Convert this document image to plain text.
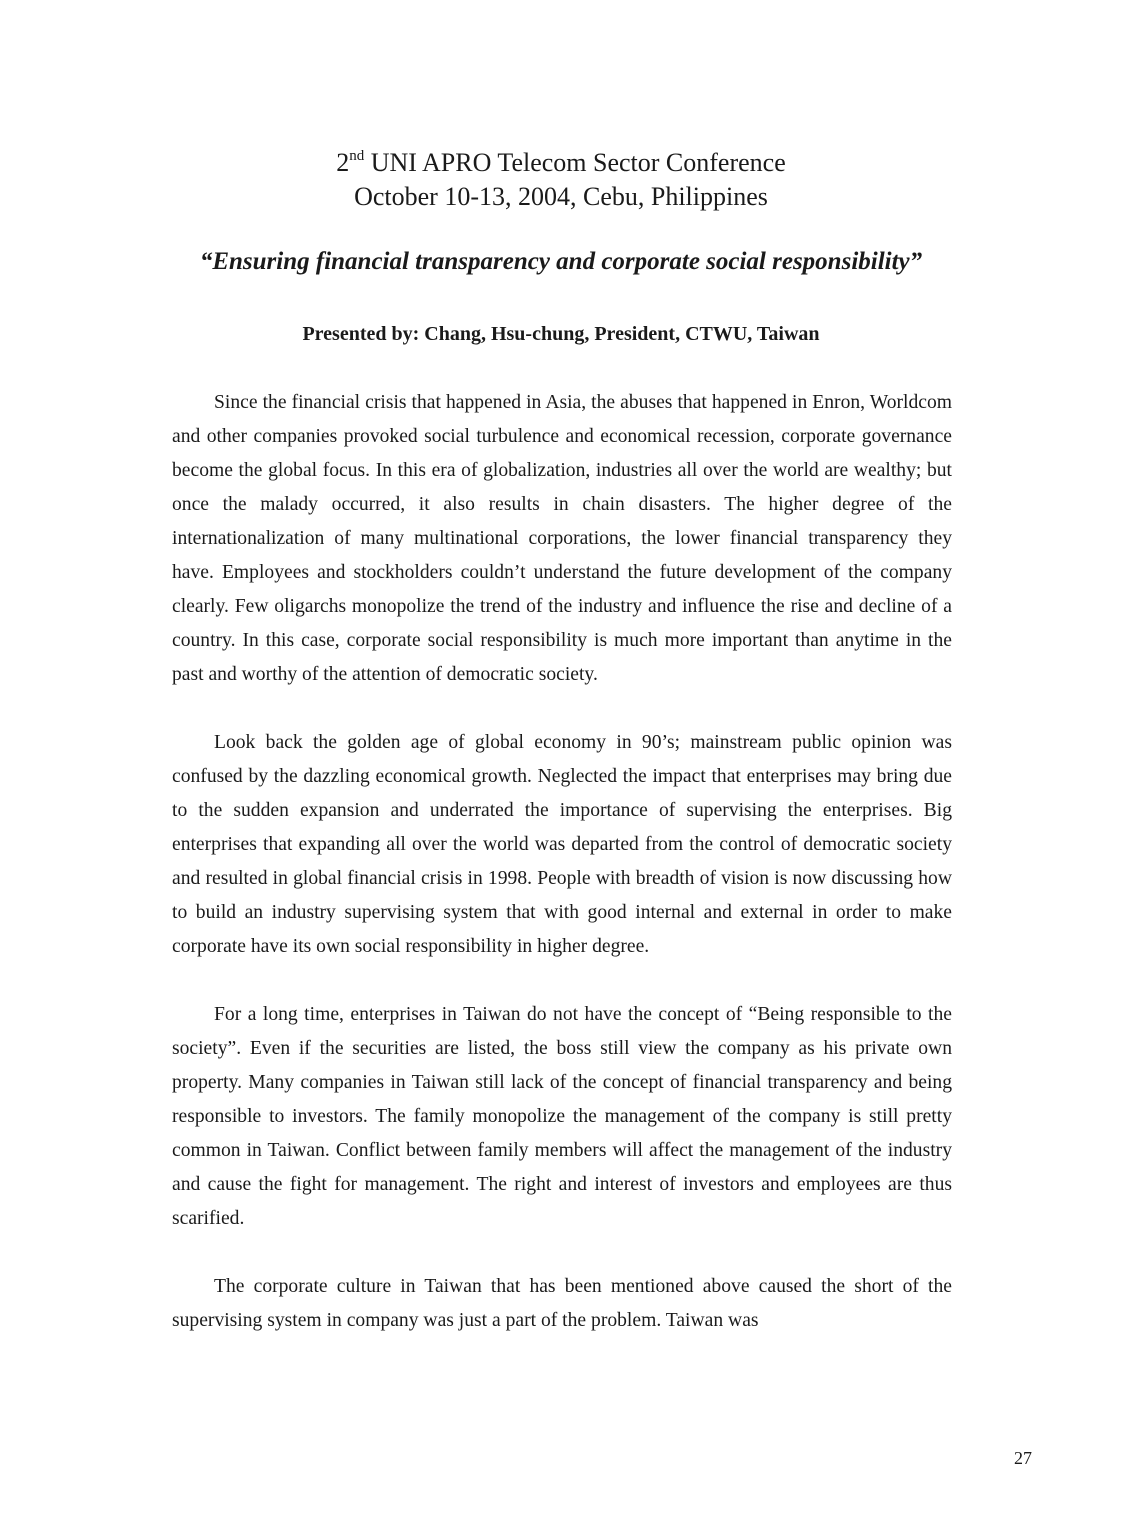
2nd UNI APRO Telecom Sector Conference
October 10-13, 2004, Cebu, Philippines
“Ensuring financial transparency and corporate social responsibility”
Presented by: Chang, Hsu-chung, President, CTWU, Taiwan

Since the financial crisis that happened in Asia, the abuses that happened in Enron, Worldcom and other companies provoked social turbulence and economical recession, corporate governance become the global focus. In this era of globalization, industries all over the world are wealthy; but once the malady occurred, it also results in chain disasters. The higher degree of the internationalization of many multinational corporations, the lower financial transparency they have. Employees and stockholders couldn’t understand the future development of the company clearly. Few oligarchs monopolize the trend of the industry and influence the rise and decline of a country. In this case, corporate social responsibility is much more important than anytime in the past and worthy of the attention of democratic society.

Look back the golden age of global economy in 90’s; mainstream public opinion was confused by the dazzling economical growth. Neglected the impact that enterprises may bring due to the sudden expansion and underrated the importance of supervising the enterprises. Big enterprises that expanding all over the world was departed from the control of democratic society and resulted in global financial crisis in 1998. People with breadth of vision is now discussing how to build an industry supervising system that with good internal and external in order to make corporate have its own social responsibility in higher degree.

For a long time, enterprises in Taiwan do not have the concept of “Being responsible to the society”. Even if the securities are listed, the boss still view the company as his private own property. Many companies in Taiwan still lack of the concept of financial transparency and being responsible to investors. The family monopolize the management of the company is still pretty common in Taiwan. Conflict between family members will affect the management of the industry and cause the fight for management. The right and interest of investors and employees are thus scarified.

The corporate culture in Taiwan that has been mentioned above caused the short of the supervising system in company was just a part of the problem. Taiwan was

27
